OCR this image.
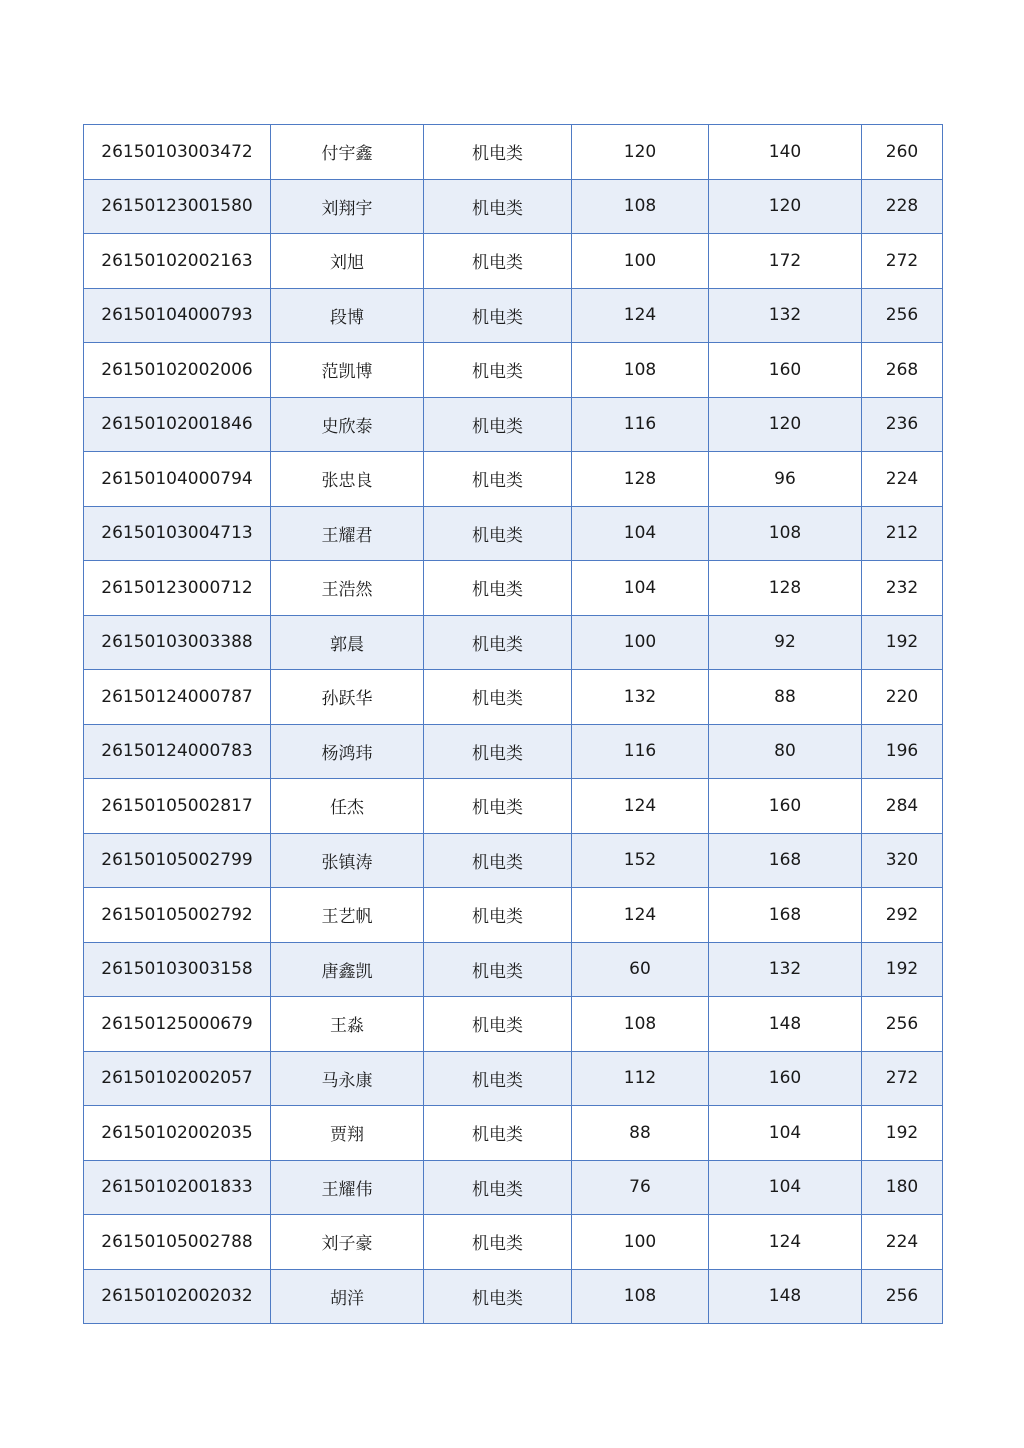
26150103003472	付宇鑫	机电类	120	140	260
26150123001580	刘翔宇	机电类	108	120	228
26150102002163	刘旭	机电类	100	172	272
26150104000793	段博	机电类	124	132	256
26150102002006	范凯博	机电类	108	160	268
26150102001846	史欣泰	机电类	116	120	236
26150104000794	张忠良	机电类	128	96	224
26150103004713	王耀君	机电类	104	108	212
26150123000712	王浩然	机电类	104	128	232
26150103003388	郭晨	机电类	100	92	192
26150124000787	孙跃华	机电类	132	88	220
26150124000783	杨鸿玮	机电类	116	80	196
26150105002817	任杰	机电类	124	160	284
26150105002799	张镇涛	机电类	152	168	320
26150105002792	王艺帆	机电类	124	168	292
26150103003158	唐鑫凯	机电类	60	132	192
26150125000679	王淼	机电类	108	148	256
26150102002057	马永康	机电类	112	160	272
26150102002035	贾翔	机电类	88	104	192
26150102001833	王耀伟	机电类	76	104	180
26150105002788	刘子豪	机电类	100	124	224
26150102002032	胡洋	机电类	108	148	256
